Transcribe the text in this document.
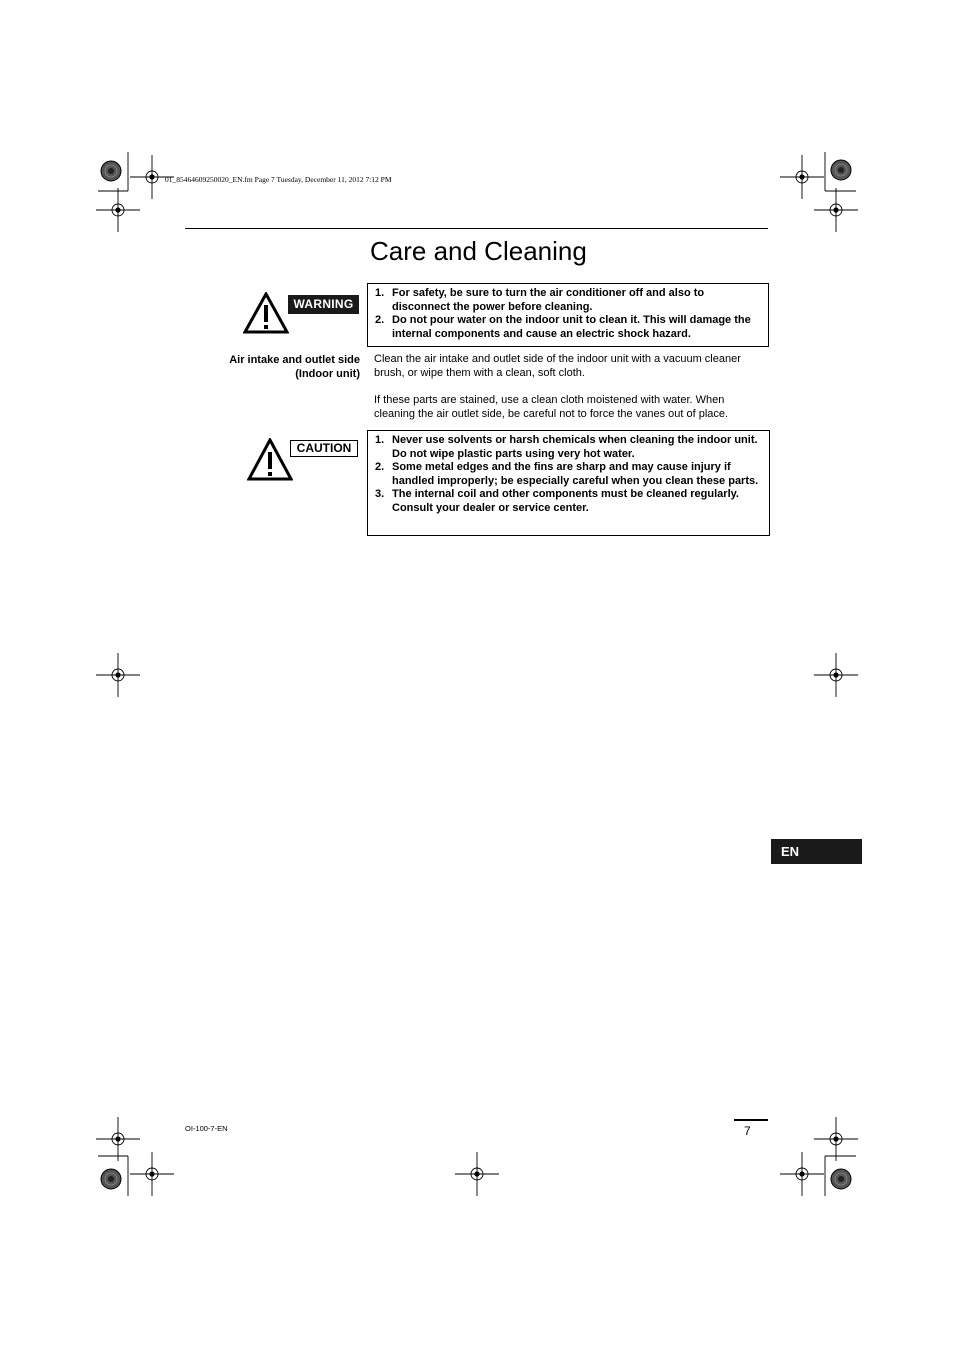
01_85464609250020_EN.fm Page 7 Tuesday, December 11, 2012 7:12 PM
Care and Cleaning
WARNING
1. For safety, be sure to turn the air conditioner off and also to disconnect the power before cleaning.
2. Do not pour water on the indoor unit to clean it. This will damage the internal components and cause an electric shock hazard.
Air intake and outlet side
(Indoor unit)
Clean the air intake and outlet side of the indoor unit with a vacuum cleaner brush, or wipe them with a clean, soft cloth.
If these parts are stained, use a clean cloth moistened with water. When cleaning the air outlet side, be careful not to force the vanes out of place.
CAUTION
1. Never use solvents or harsh chemicals when cleaning the indoor unit. Do not wipe plastic parts using very hot water.
2. Some metal edges and the fins are sharp and may cause injury if handled improperly; be especially careful when you clean these parts.
3. The internal coil and other components must be cleaned regularly. Consult your dealer or service center.
EN
OI-100-7-EN	7
